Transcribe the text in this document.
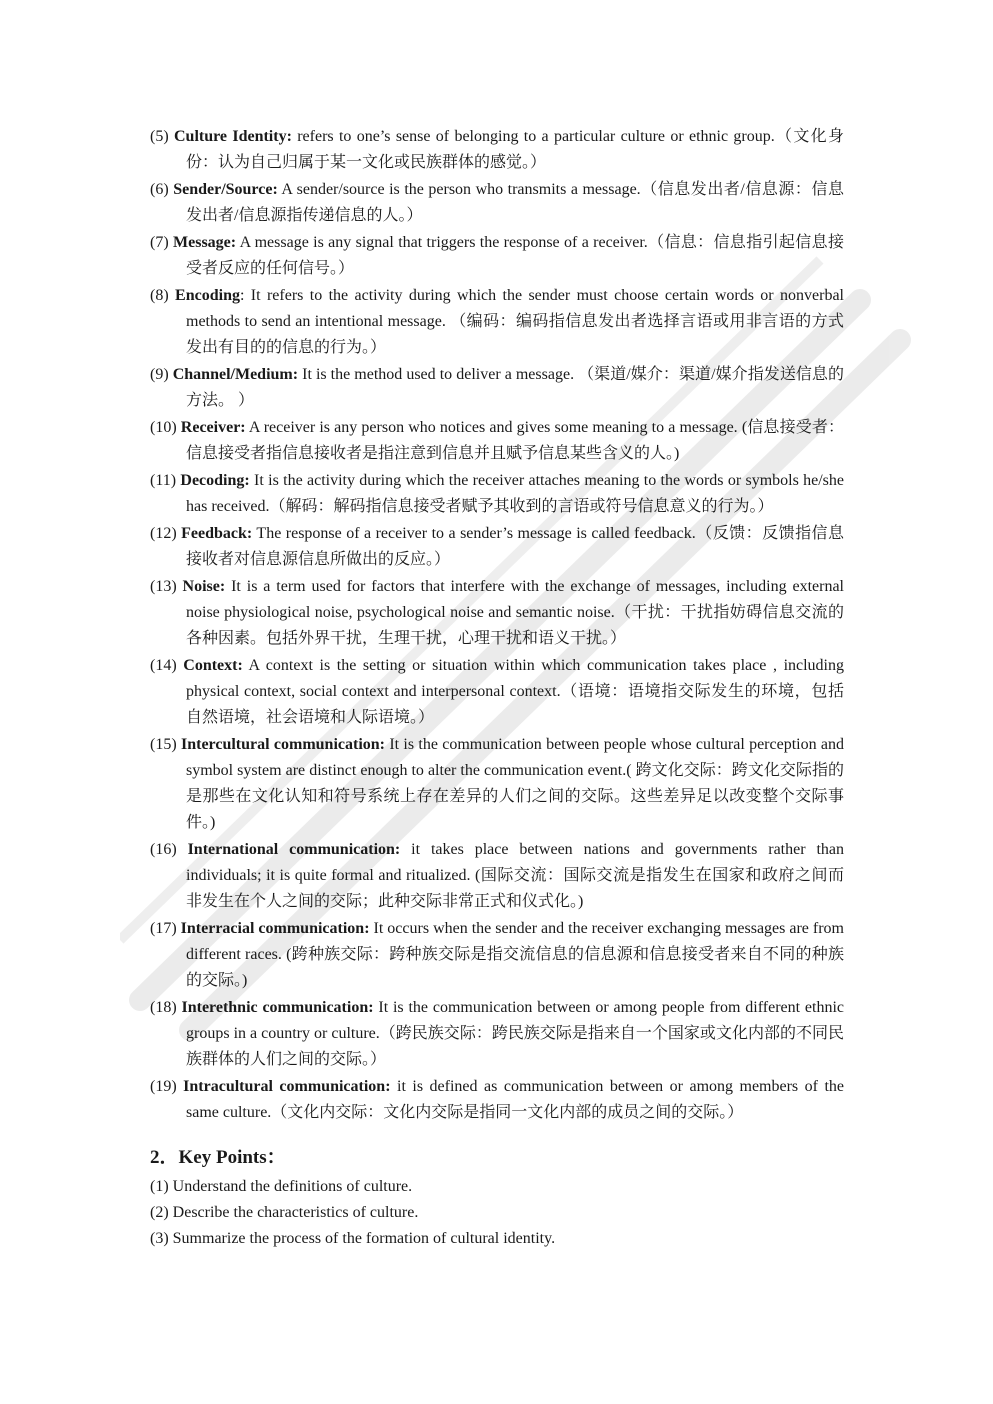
(5) Culture Identity: refers to one’s sense of belonging to a particular culture or ethnic group.（文化身份：认为自己归属于某一文化或民族群体的感觉。）

(6) Sender/Source: A sender/source is the person who transmits a message.（信息发出者/信息源：信息发出者/信息源指传递信息的人。）

(7) Message: A message is any signal that triggers the response of a receiver.（信息：信息指引起信息接受者反应的任何信号。）

(8) Encoding: It refers to the activity during which the sender must choose certain words or nonverbal methods to send an intentional message. （编码：编码指信息发出者选择言语或用非言语的方式发出有目的的信息的行为。）

(9) Channel/Medium: It is the method used to deliver a message. （渠道/媒介：渠道/媒介指发送信息的方法。 ）

(10) Receiver: A receiver is any person who notices and gives some meaning to a message. (信息接受者：信息接受者指信息接收者是指注意到信息并且赋予信息某些含义的人。)

(11) Decoding: It is the activity during which the receiver attaches meaning to the words or symbols he/she has received.（解码：解码指信息接受者赋予其收到的言语或符号信息意义的行为。）

(12) Feedback: The response of a receiver to a sender’s message is called feedback.（反馈：反馈指信息接收者对信息源信息所做出的反应。）

(13) Noise: It is a term used for factors that interfere with the exchange of messages, including external noise physiological noise, psychological noise and semantic noise.（干扰：干扰指妨碍信息交流的各种因素。包括外界干扰，生理干扰，心理干扰和语义干扰。）

(14) Context: A context is the setting or situation within which communication takes place , including physical context, social context and interpersonal context.（语境：语境指交际发生的环境，包括自然语境，社会语境和人际语境。）

(15) Intercultural communication: It is the communication between people whose cultural perception and symbol system are distinct enough to alter the communication event.( 跨文化交际：跨文化交际指的是那些在文化认知和符号系统上存在差异的人们之间的交际。这些差异足以改变整个交际事件。)

(16) International communication: it takes place between nations and governments rather than individuals; it is quite formal and ritualized. (国际交流：国际交流是指发生在国家和政府之间而非发生在个人之间的交际；此种交际非常正式和仪式化。)

(17) Interracial communication: It occurs when the sender and the receiver exchanging messages are from different races. (跨种族交际：跨种族交际是指交流信息的信息源和信息接受者来自不同的种族的交际。)

(18) Interethnic communication: It is the communication between or among people from different ethnic groups in a country or culture.（跨民族交际：跨民族交际是指来自一个国家或文化内部的不同民族群体的人们之间的交际。）

(19) Intracultural communication: it is defined as communication between or among members of the same culture.（文化内交际：文化内交际是指同一文化内部的成员之间的交际。）

2．Key Points：

(1) Understand the definitions of culture.

(2) Describe the characteristics of culture.

(3) Summarize the process of the formation of cultural identity.
